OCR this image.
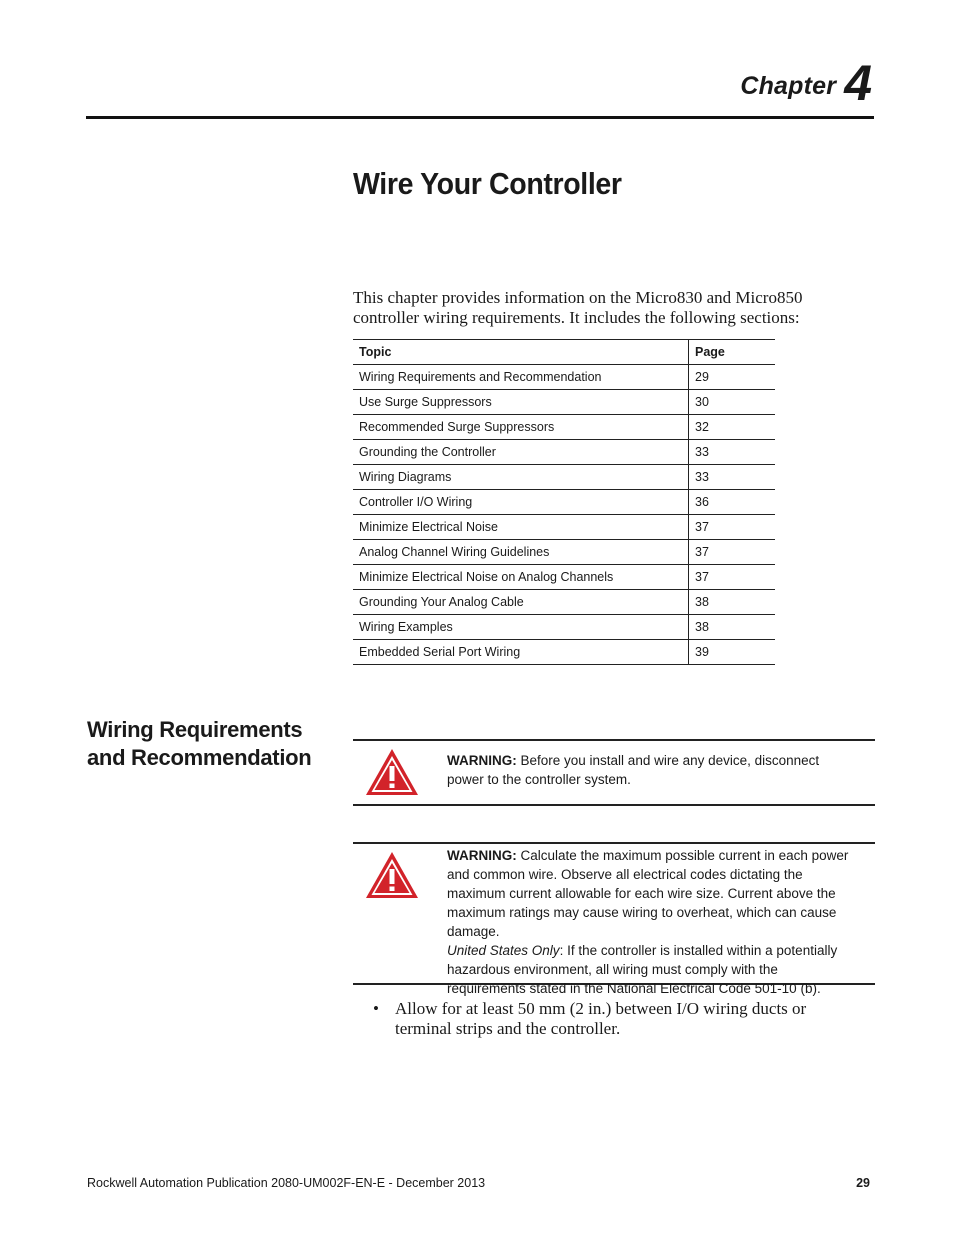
Chapter 4
Wire Your Controller

This chapter provides information on the Micro830 and Micro850 controller wiring requirements. It includes the following sections:

Topic	Page
Wiring Requirements and Recommendation	29
Use Surge Suppressors	30
Recommended Surge Suppressors	32
Grounding the Controller	33
Wiring Diagrams	33
Controller I/O Wiring	36
Minimize Electrical Noise	37
Analog Channel Wiring Guidelines	37
Minimize Electrical Noise on Analog Channels	37
Grounding Your Analog Cable	38
Wiring Examples	38
Embedded Serial Port Wiring	39
Wiring Requirements and Recommendation	WARNING: Before you install and wire any device, disconnect power to the controller system.

WARNING: Calculate the maximum possible current in each power and common wire. Observe all electrical codes dictating the maximum current allowable for each wire size. Current above the maximum ratings may cause wiring to overheat, which can cause damage.

United States Only: If the controller is installed within a potentially hazardous environment, all wiring must comply with the requirements stated in the National Electrical Code 501-10 (b).

• Allow for at least 50 mm (2 in.) between I/O wiring ducts or terminal strips and the controller.
Rockwell Automation Publication 2080-UM002F-EN-E - December 2013	29
